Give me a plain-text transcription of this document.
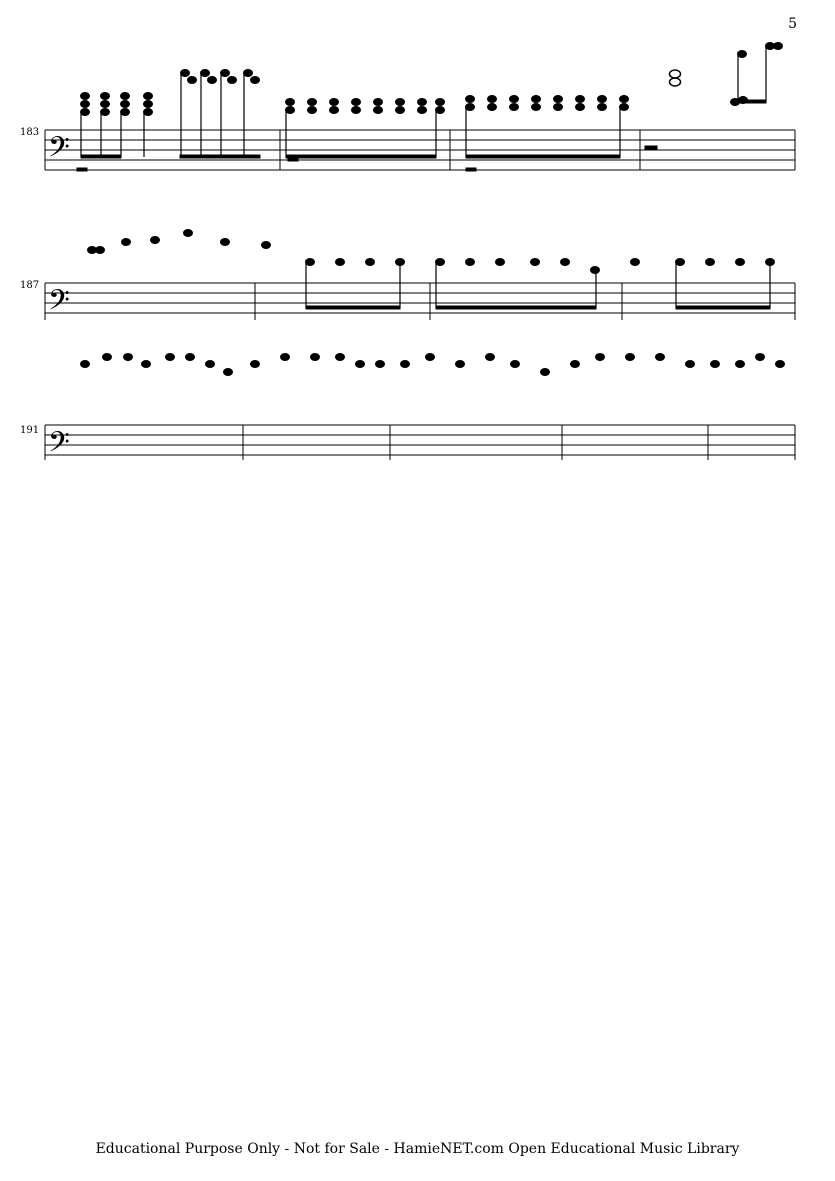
5
183 𝄢
187 𝄢
191 𝄢
Educational Purpose Only - Not for Sale - HamieNET.com Open Educational Music Library
